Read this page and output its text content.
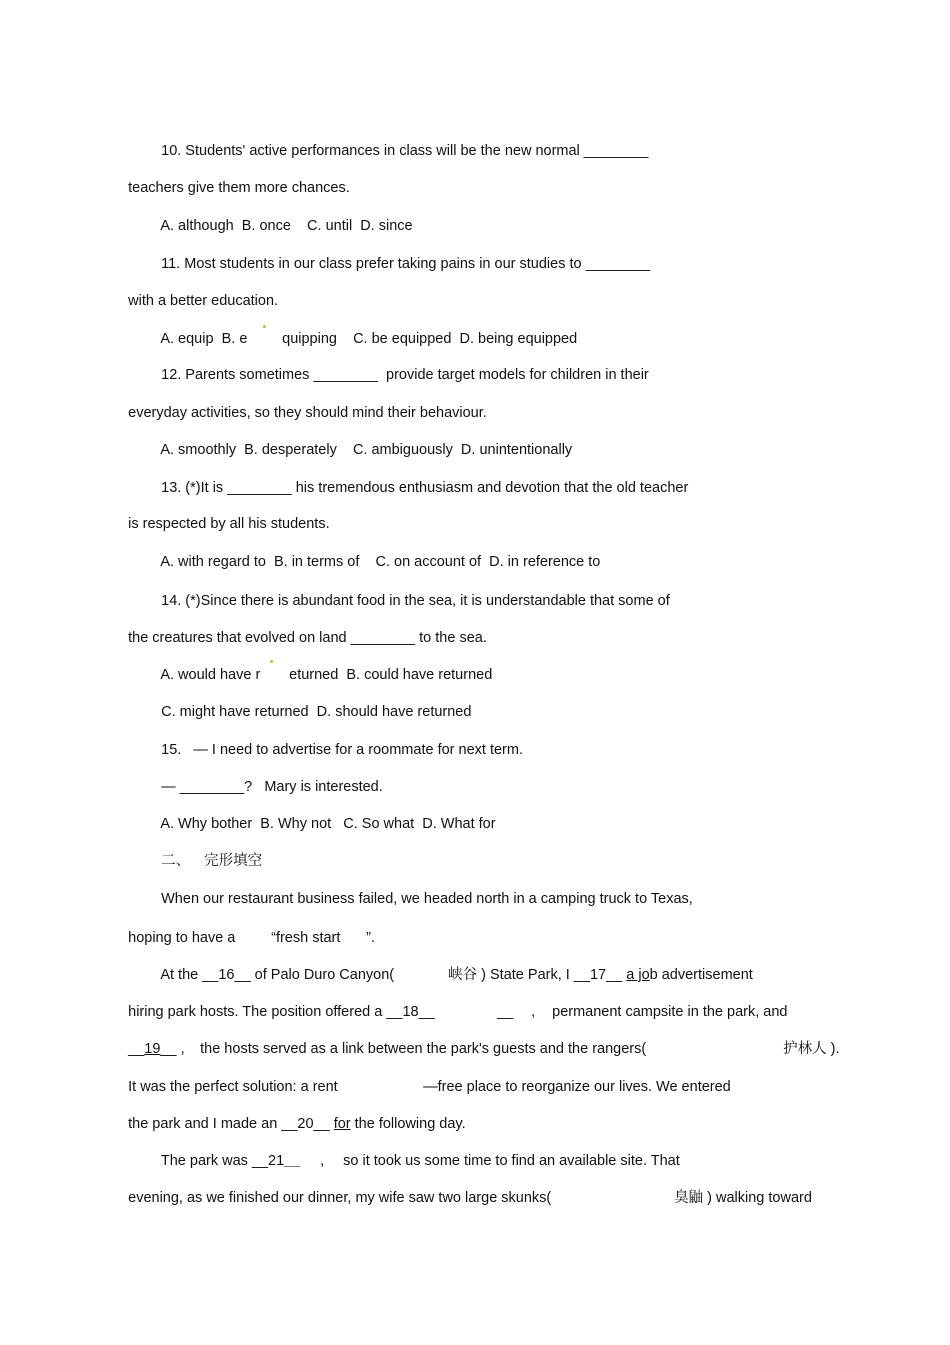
10. Students' active performances in class will be the new normal ________

teachers give them more chances.

A. although  B. once    C. until  D. since

11. Most students in our class prefer taking pains in our studies to ________

with a better education.

A. equip  B. e
	quipping    C. be equipped  D. being equipped

12. Parents sometimes ________  provide target models for children in their

everyday activities, so they should mind their behaviour.

A. smoothly  B. desperately    C. ambiguously  D. unintentionally

13. (*)It is ________ his tremendous enthusiasm and devotion that the old teacher

is respected by all his students.

A. with regard to  B. in terms of    C. on account of  D. in reference to

14. (*)Since there is abundant food in the sea, it is understandable that some of

the creatures that evolved on land ________ to the sea.

A. would have r
	eturned  B. could have returned

C. might have returned  D. should have returned

15.   — I need to advertise for a roommate for next term.

— ________?   Mary is interested.

A. Why bother  B. Why not   C. So what  D. What for

二、
完形填空

When our restaurant business failed, we headed north in a camping truck to Texas,

hoping to have a
	“fresh start
	”.

At the __16__ of Palo Duro Canyon(
	峡谷 ) State Park, I __17__ a job advertisement

hiring park hosts. The position offered a __18__
	__
	,
	permanent campsite in the park, and

__19__ ,
	the hosts served as a link between the park's guests and the rangers(
	护林人 ).

It was the perfect solution: a rent
	—free place to reorganize our lives. We entered

the park and I made an __20__ for the following day.

The park was __21__
	,
	so it took us some time to find an available site. That

evening, as we finished our dinner, my wife saw two large skunks(
	臭鼬 ) walking toward
